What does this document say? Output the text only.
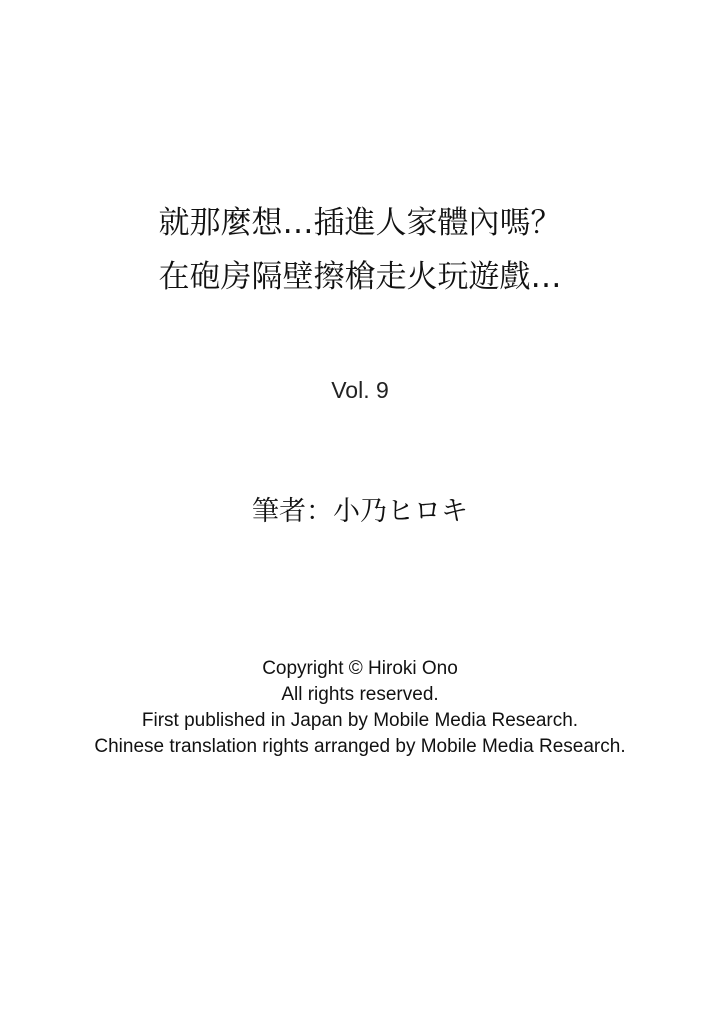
就那麼想…插進人家體內嗎？
在砲房隔壁擦槍走火玩遊戲…
Vol. 9
筆者：小乃ヒロキ
Copyright © Hiroki Ono
All rights reserved.
First published in Japan by Mobile Media Research.
Chinese translation rights arranged by Mobile Media Research.
